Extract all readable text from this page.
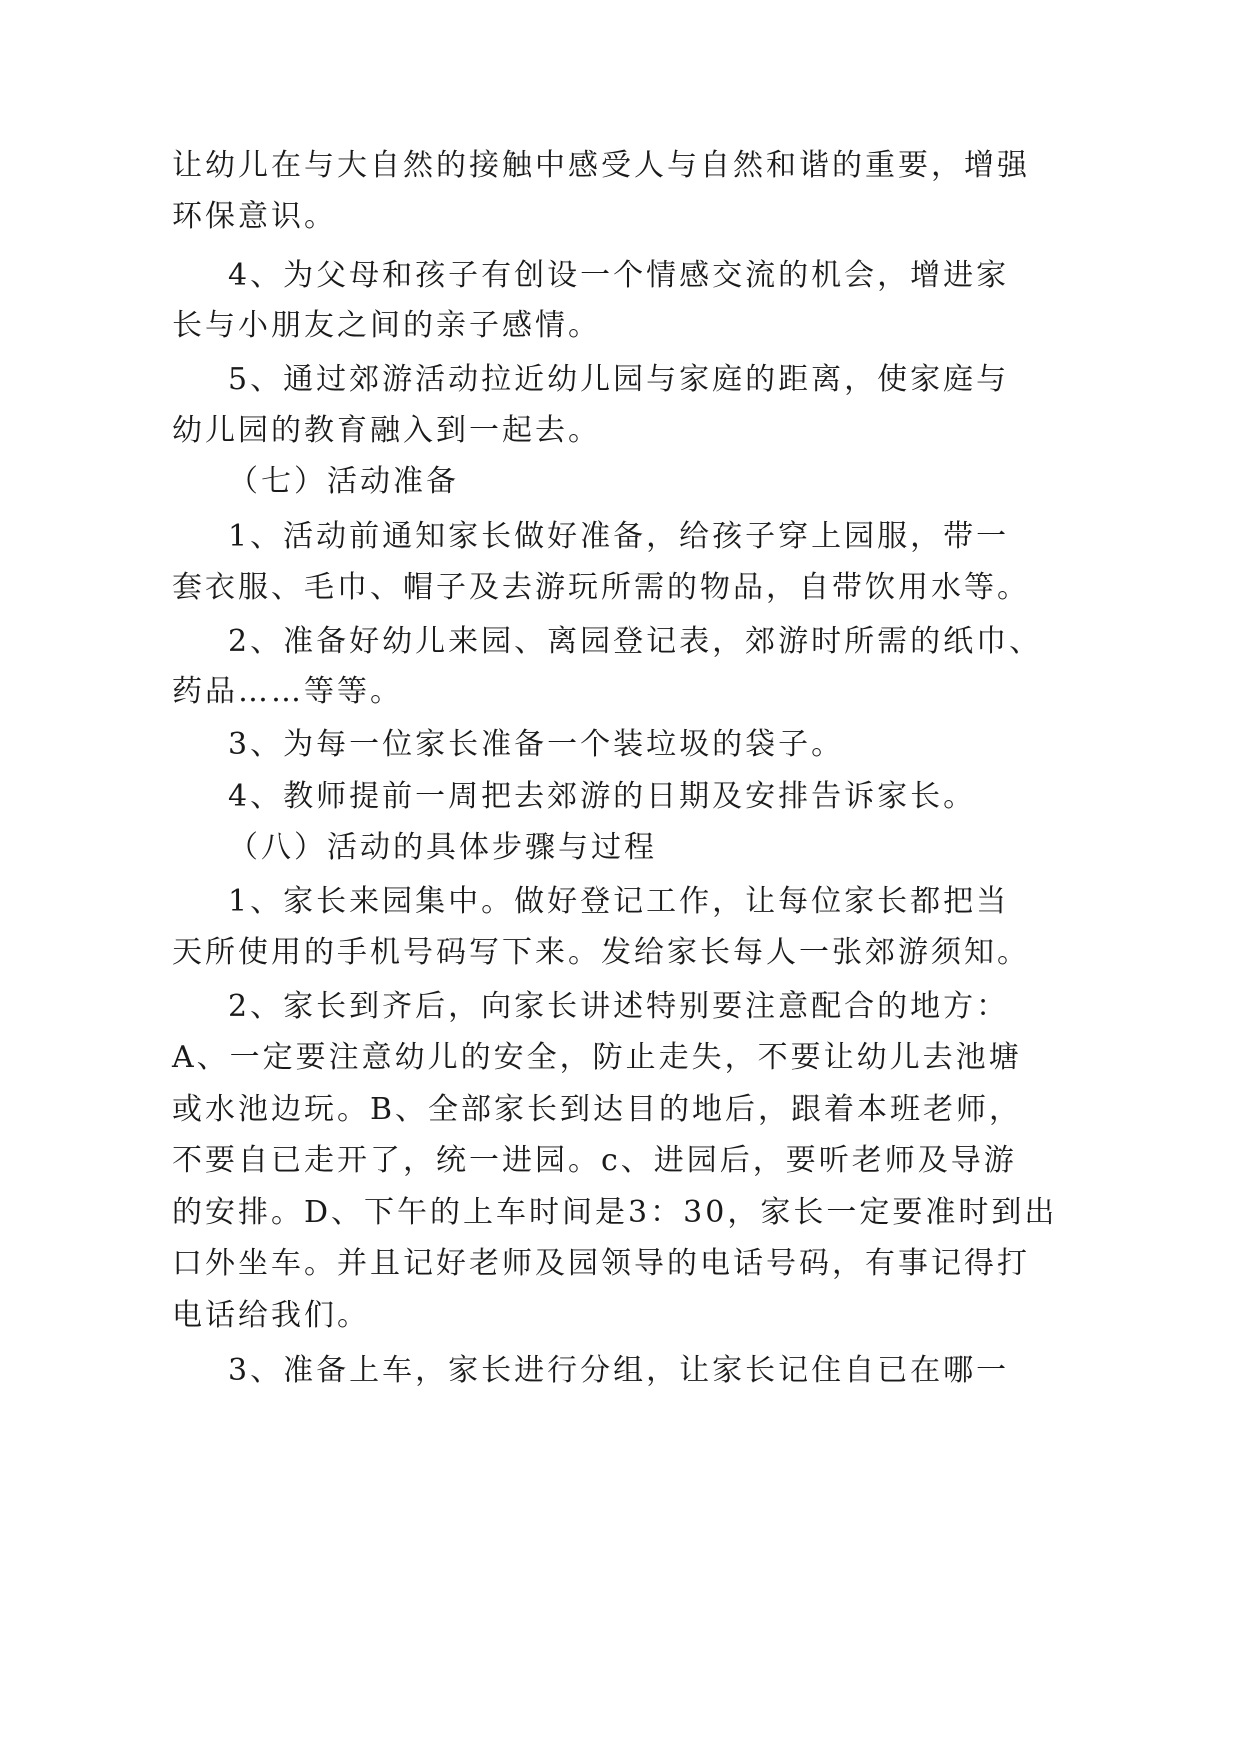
让幼儿在与大自然的接触中感受人与自然和谐的重要，增强
环保意识。
4、为父母和孩子有创设一个情感交流的机会，增进家
长与小朋友之间的亲子感情。
5、通过郊游活动拉近幼儿园与家庭的距离，使家庭与
幼儿园的教育融入到一起去。
（七）活动准备
1、活动前通知家长做好准备，给孩子穿上园服，带一
套衣服、毛巾、帽子及去游玩所需的物品，自带饮用水等。
2、准备好幼儿来园、离园登记表，郊游时所需的纸巾、
药品……等等。
3、为每一位家长准备一个装垃圾的袋子。
4、教师提前一周把去郊游的日期及安排告诉家长。
（八）活动的具体步骤与过程
1、家长来园集中。做好登记工作，让每位家长都把当
天所使用的手机号码写下来。发给家长每人一张郊游须知。
2、家长到齐后，向家长讲述特别要注意配合的地方：
A、一定要注意幼儿的安全，防止走失，不要让幼儿去池塘
或水池边玩。B、全部家长到达目的地后，跟着本班老师，
不要自已走开了，统一进园。c、进园后，要听老师及导游
的安排。D、下午的上车时间是3：30，家长一定要准时到出
口外坐车。并且记好老师及园领导的电话号码，有事记得打
电话给我们。
3、准备上车，家长进行分组，让家长记住自已在哪一
